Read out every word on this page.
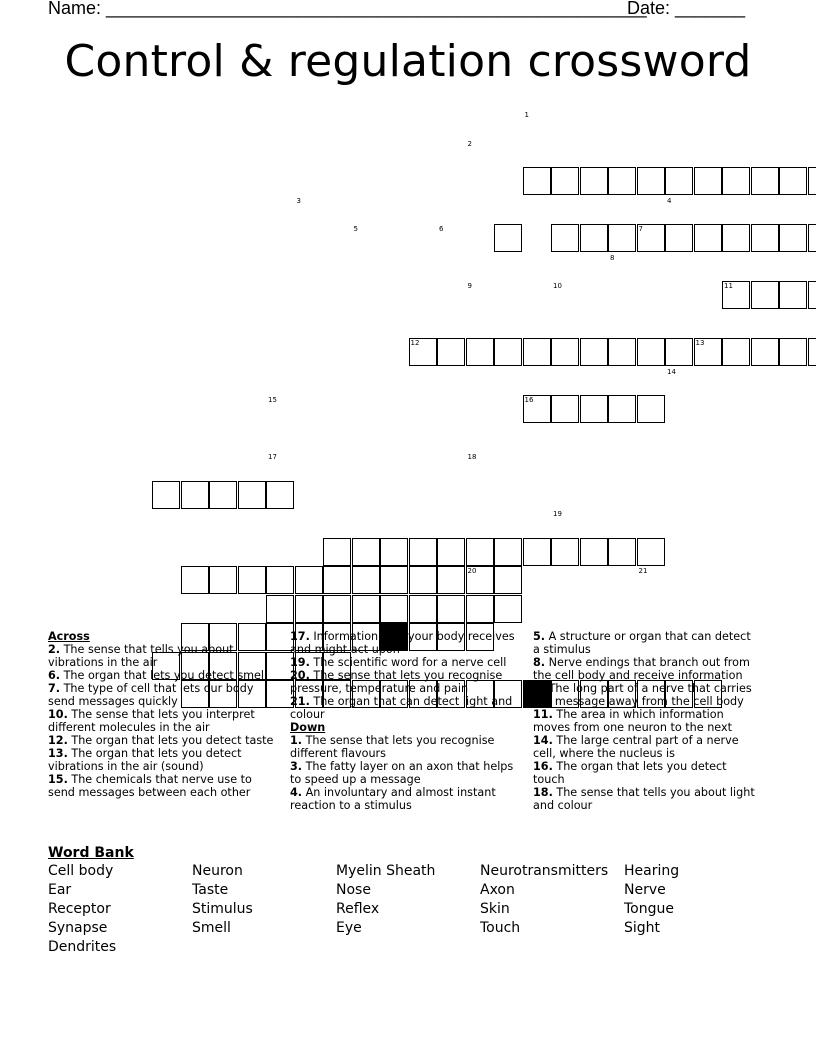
Name: ______________________________________________________
Date: _______
Control & regulation crossword
1
2
3	4
5	6	7
8
9	10	11
12	13
14
15	16
17	18
19
20	21
Across

2. The sense that tells you about vibrations in the air

6. The organ that lets you detect smell

7. The type of cell that lets our body send messages quickly

10. The sense that lets you interpret different molecules in the air

12. The organ that lets you detect taste

13. The organ that lets you detect vibrations in the air (sound)

15. The chemicals that nerve use to send messages between each other

17. Information that your body receives and might act upon

19. The scientific word for a nerve cell

20. The sense that lets you recognise pressure, temperature and pain

21. The organ that can detect light and colour

Down

1. The sense that lets you recognise different flavours

3. The fatty layer on an axon that helps to speed up a message

4. An involuntary and almost instant reaction to a stimulus

5. A structure or organ that can detect a stimulus

8. Nerve endings that branch out from the cell body and receive information

9. The long part of a nerve that carries the message away from the cell body

11. The area in which information moves from one neuron to the next

14. The large central part of a nerve cell, where the nucleus is

16. The organ that lets you detect touch

18. The sense that tells you about light and colour

Word Bank
Cell body
Ear
Receptor
Synapse
Dendrites
Neuron
Taste
Stimulus
Smell
Myelin Sheath
Nose
Reflex
Eye
Neurotransmitters
Axon
Skin
Touch
Hearing
Nerve
Tongue
Sight
